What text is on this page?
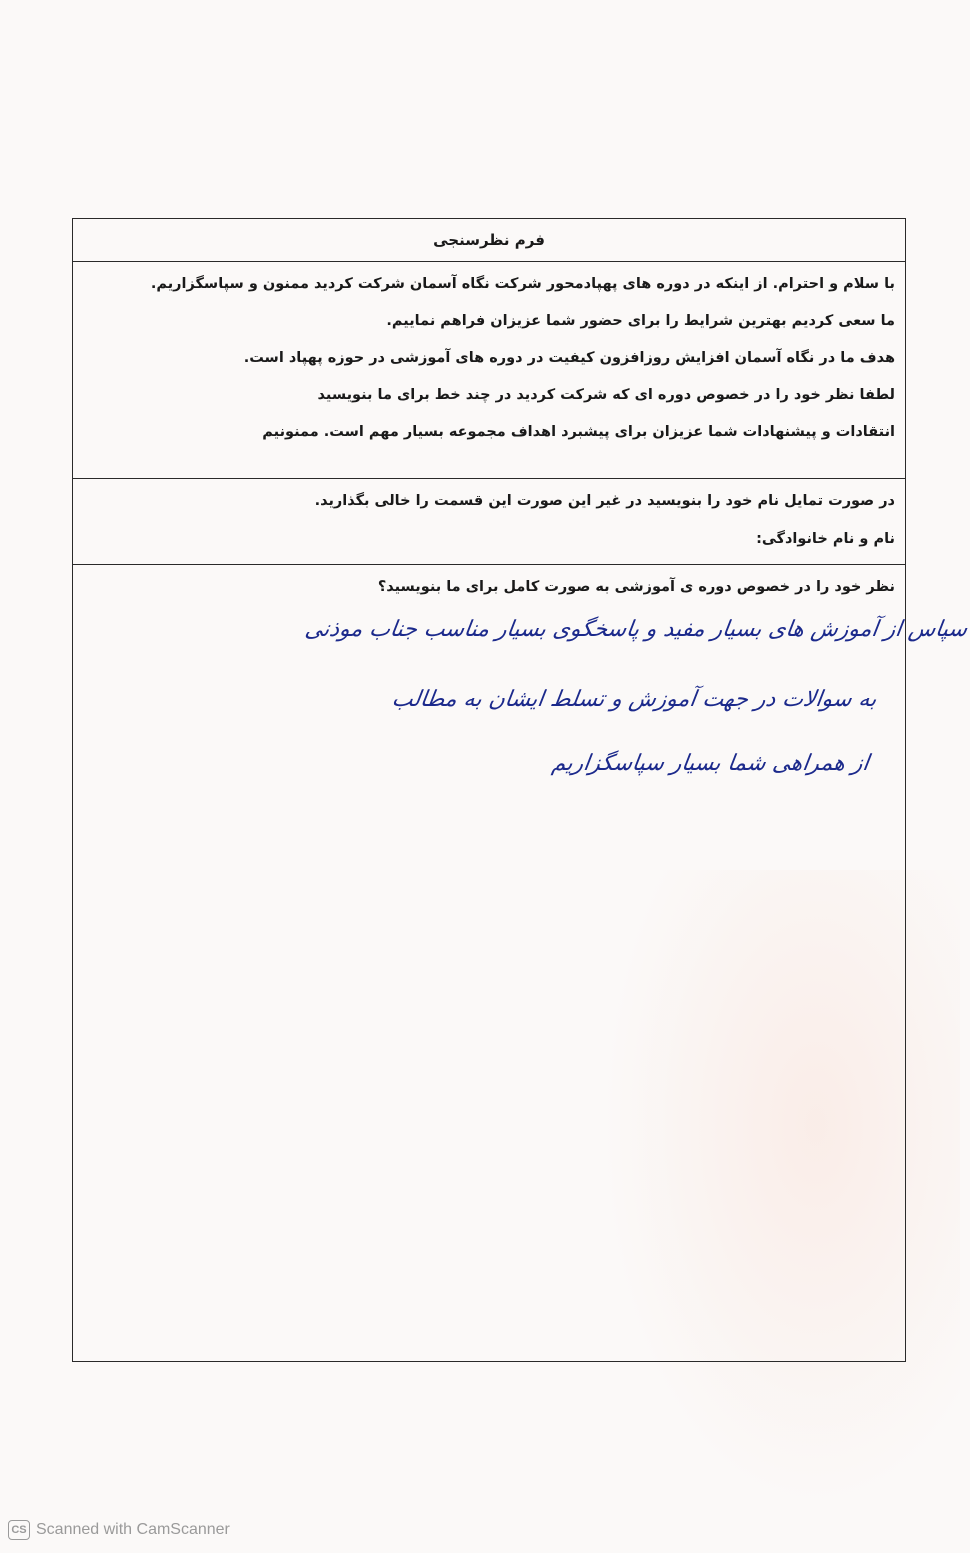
فرم نظرسنجی
با سلام و احترام. از اینکه در دوره های پهپادمحور شرکت نگاه آسمان شرکت کردید ممنون و سپاسگزاریم.
ما سعی کردیم بهترین شرایط را برای حضور شما عزیزان فراهم نماییم.
هدف ما در نگاه آسمان افزایش روزافزون کیفیت در دوره های آموزشی در حوزه پهپاد است.
لطفا نظر خود را در خصوص دوره ای که شرکت کردید در چند خط برای ما بنویسید
انتقادات و پیشنهادات شما عزیزان برای پیشبرد اهداف مجموعه بسیار مهم است. ممنونیم
در صورت تمایل نام خود را بنویسید در غیر این صورت این قسمت را خالی بگذارید.
نام و نام خانوادگی:
نظر خود را در خصوص دوره ی آموزشی به صورت کامل برای ما بنویسید؟
سپاس از آموزش های بسیار مفید و پاسخگوی بسیار مناسب جناب موذنی
به سوالات در جهت آموزش و تسلط ایشان به مطالب
از همراهی شما بسیار سپاسگزاریم
CS Scanned with CamScanner
